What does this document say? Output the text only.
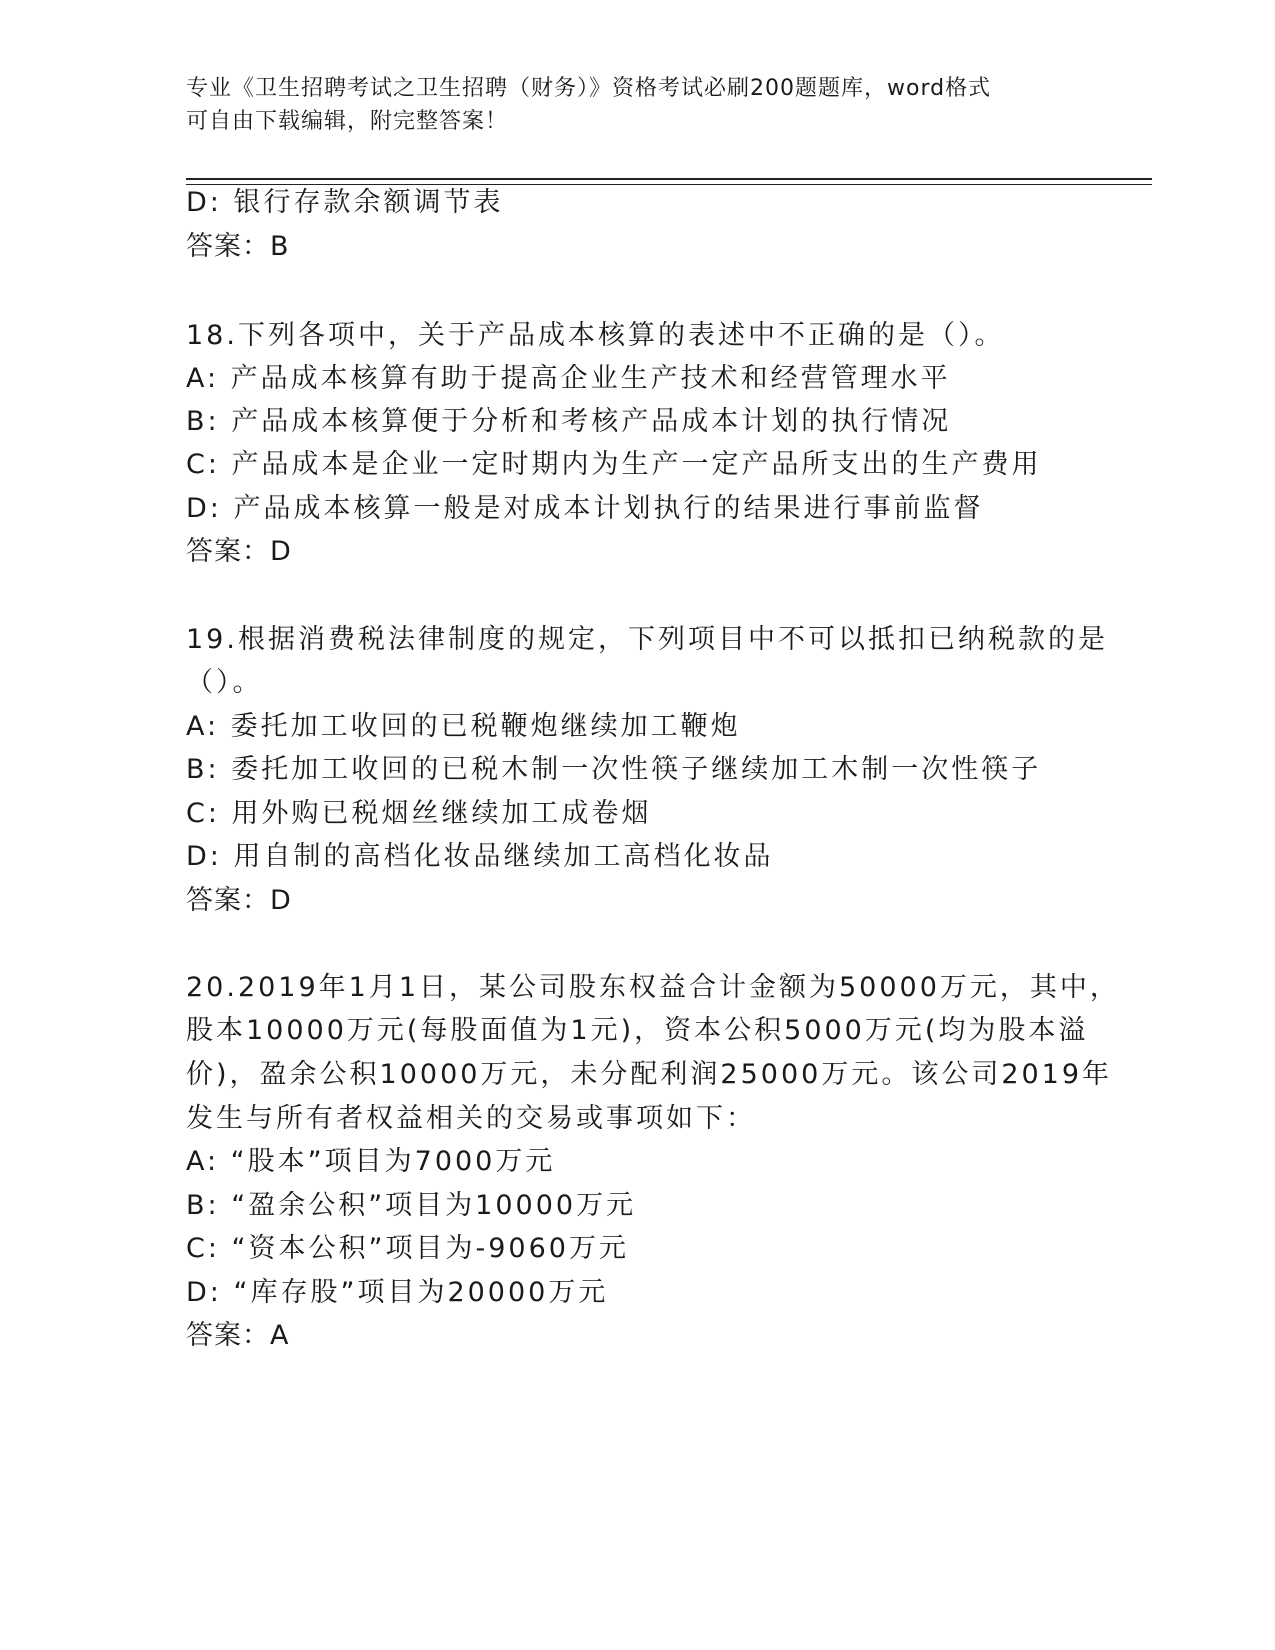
专业《卫生招聘考试之卫生招聘（财务）》资格考试必刷200题题库，word格式
可自由下载编辑，附完整答案！
D: 银行存款余额调节表
答案：B
18.下列各项中，关于产品成本核算的表述中不正确的是（）。
A: 产品成本核算有助于提高企业生产技术和经营管理水平
B: 产品成本核算便于分析和考核产品成本计划的执行情况
C: 产品成本是企业一定时期内为生产一定产品所支出的生产费用
D: 产品成本核算一般是对成本计划执行的结果进行事前监督
答案：D
19.根据消费税法律制度的规定，下列项目中不可以抵扣已纳税款的是
（）。
A: 委托加工收回的已税鞭炮继续加工鞭炮
B: 委托加工收回的已税木制一次性筷子继续加工木制一次性筷子
C: 用外购已税烟丝继续加工成卷烟
D: 用自制的高档化妆品继续加工高档化妆品
答案：D
20.2019年1月1日，某公司股东权益合计金额为50000万元，其中，
股本10000万元(每股面值为1元)，资本公积5000万元(均为股本溢
价)，盈余公积10000万元，未分配利润25000万元。该公司2019年
发生与所有者权益相关的交易或事项如下：
A: “股本”项目为7000万元
B: “盈余公积”项目为10000万元
C: “资本公积”项目为-9060万元
D: “库存股”项目为20000万元
答案：A
